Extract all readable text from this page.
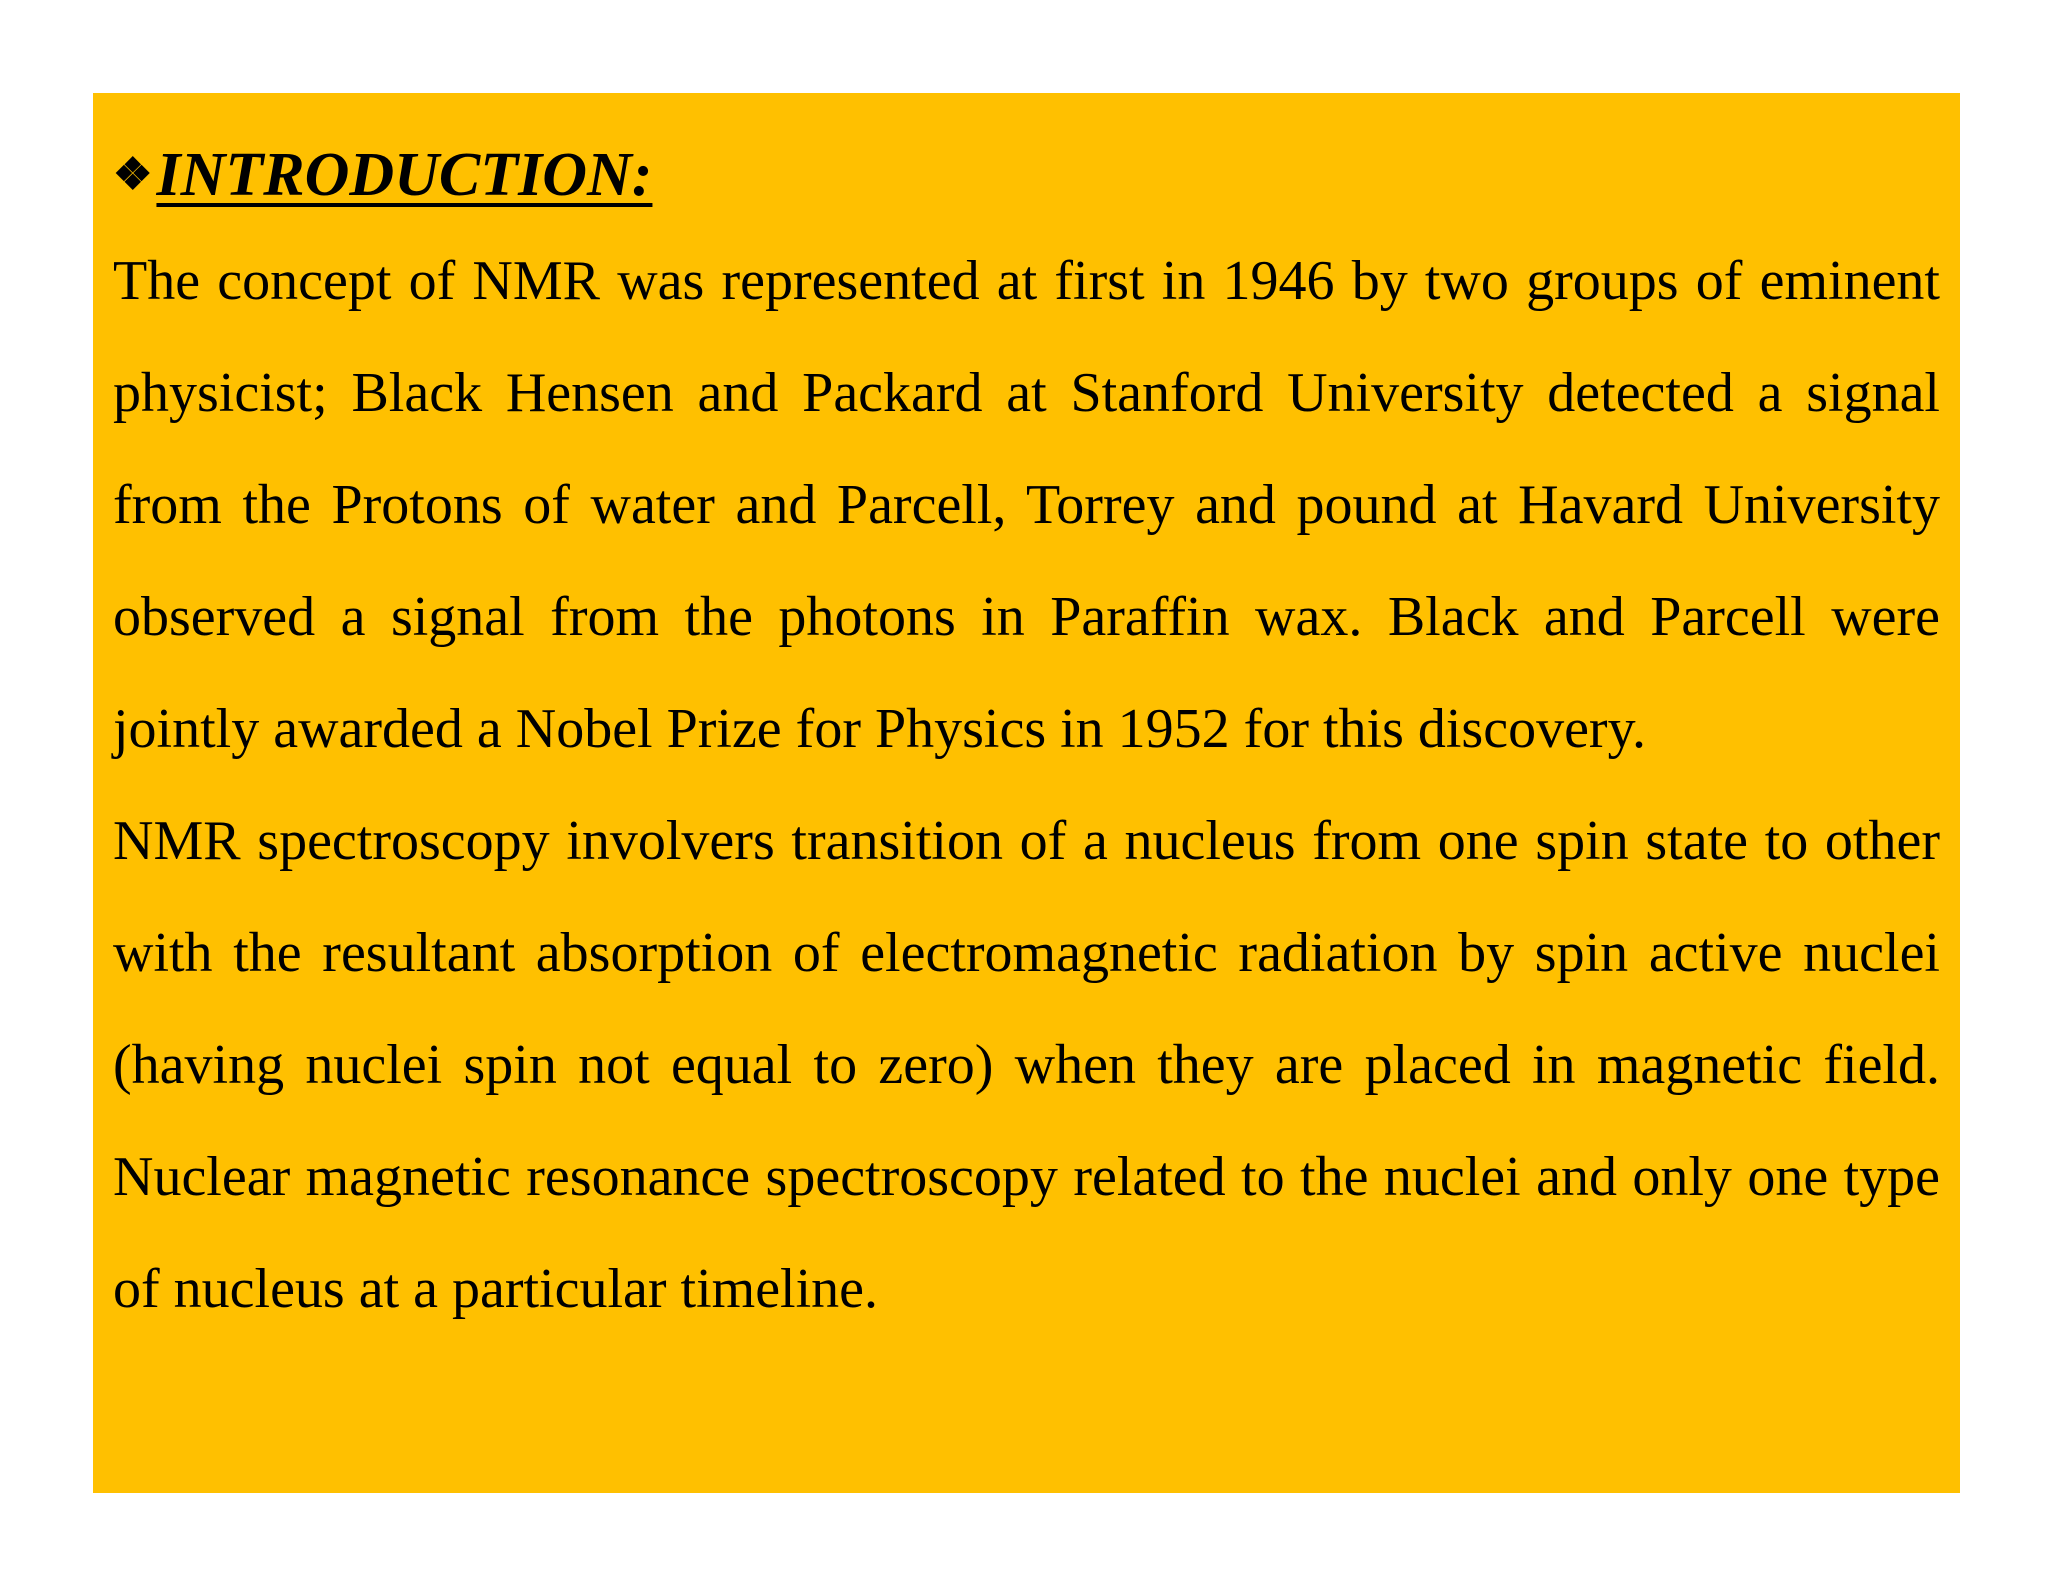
❖INTRODUCTION:

The concept of NMR was represented at first in 1946 by two groups of eminent physicist; Black Hensen and Packard at Stanford University detected a signal from the Protons of water and Parcell, Torrey and pound at Havard University observed a signal from the photons in Paraffin wax. Black and Parcell were jointly awarded a Nobel Prize for Physics in 1952 for this discovery.

NMR spectroscopy involvers transition of a nucleus from one spin state to other with the resultant absorption of electromagnetic radiation by spin active nuclei (having nuclei spin not equal to zero) when they are placed in magnetic field. Nuclear magnetic resonance spectroscopy related to the nuclei and only one type of nucleus at a particular timeline.
